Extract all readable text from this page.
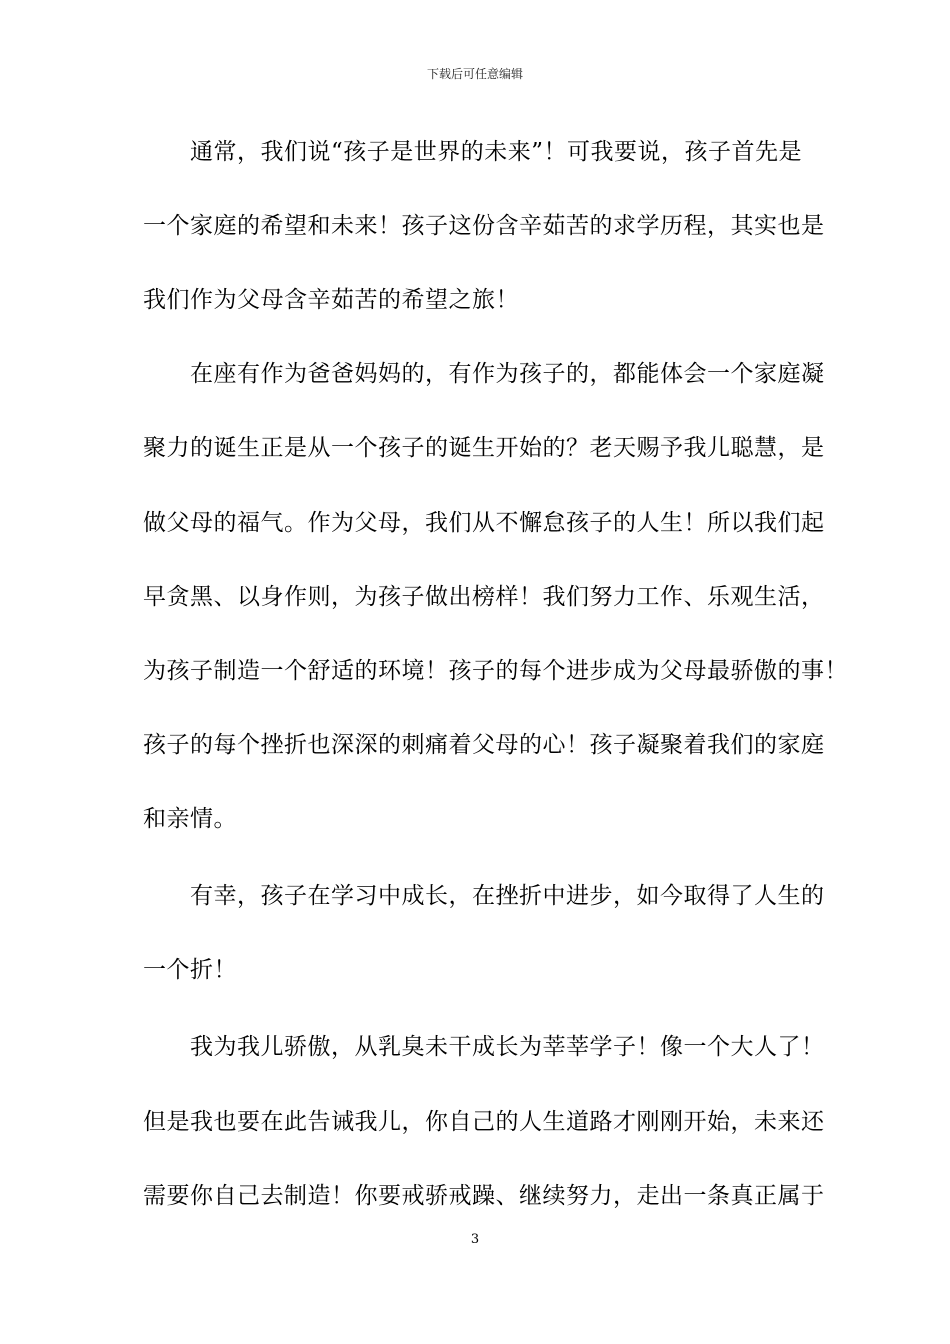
下载后可任意编辑
　　通常，我们说“孩子是世界的未来”！可我要说，孩子首先是
一个家庭的希望和未来！孩子这份含辛茹苦的求学历程，其实也是
我们作为父母含辛茹苦的希望之旅！
　　在座有作为爸爸妈妈的，有作为孩子的，都能体会一个家庭凝
聚力的诞生正是从一个孩子的诞生开始的？老天赐予我儿聪慧，是
做父母的福气。作为父母，我们从不懈怠孩子的人生！所以我们起
早贪黑、以身作则，为孩子做出榜样！我们努力工作、乐观生活，
为孩子制造一个舒适的环境！孩子的每个进步成为父母最骄傲的事！
孩子的每个挫折也深深的刺痛着父母的心！孩子凝聚着我们的家庭
和亲情。
　　有幸，孩子在学习中成长，在挫折中进步，如今取得了人生的
一个折！
　　我为我儿骄傲，从乳臭未干成长为莘莘学子！像一个大人了！
但是我也要在此告诫我儿，你自己的人生道路才刚刚开始，未来还
需要你自己去制造！你要戒骄戒躁、继续努力，走出一条真正属于
3
